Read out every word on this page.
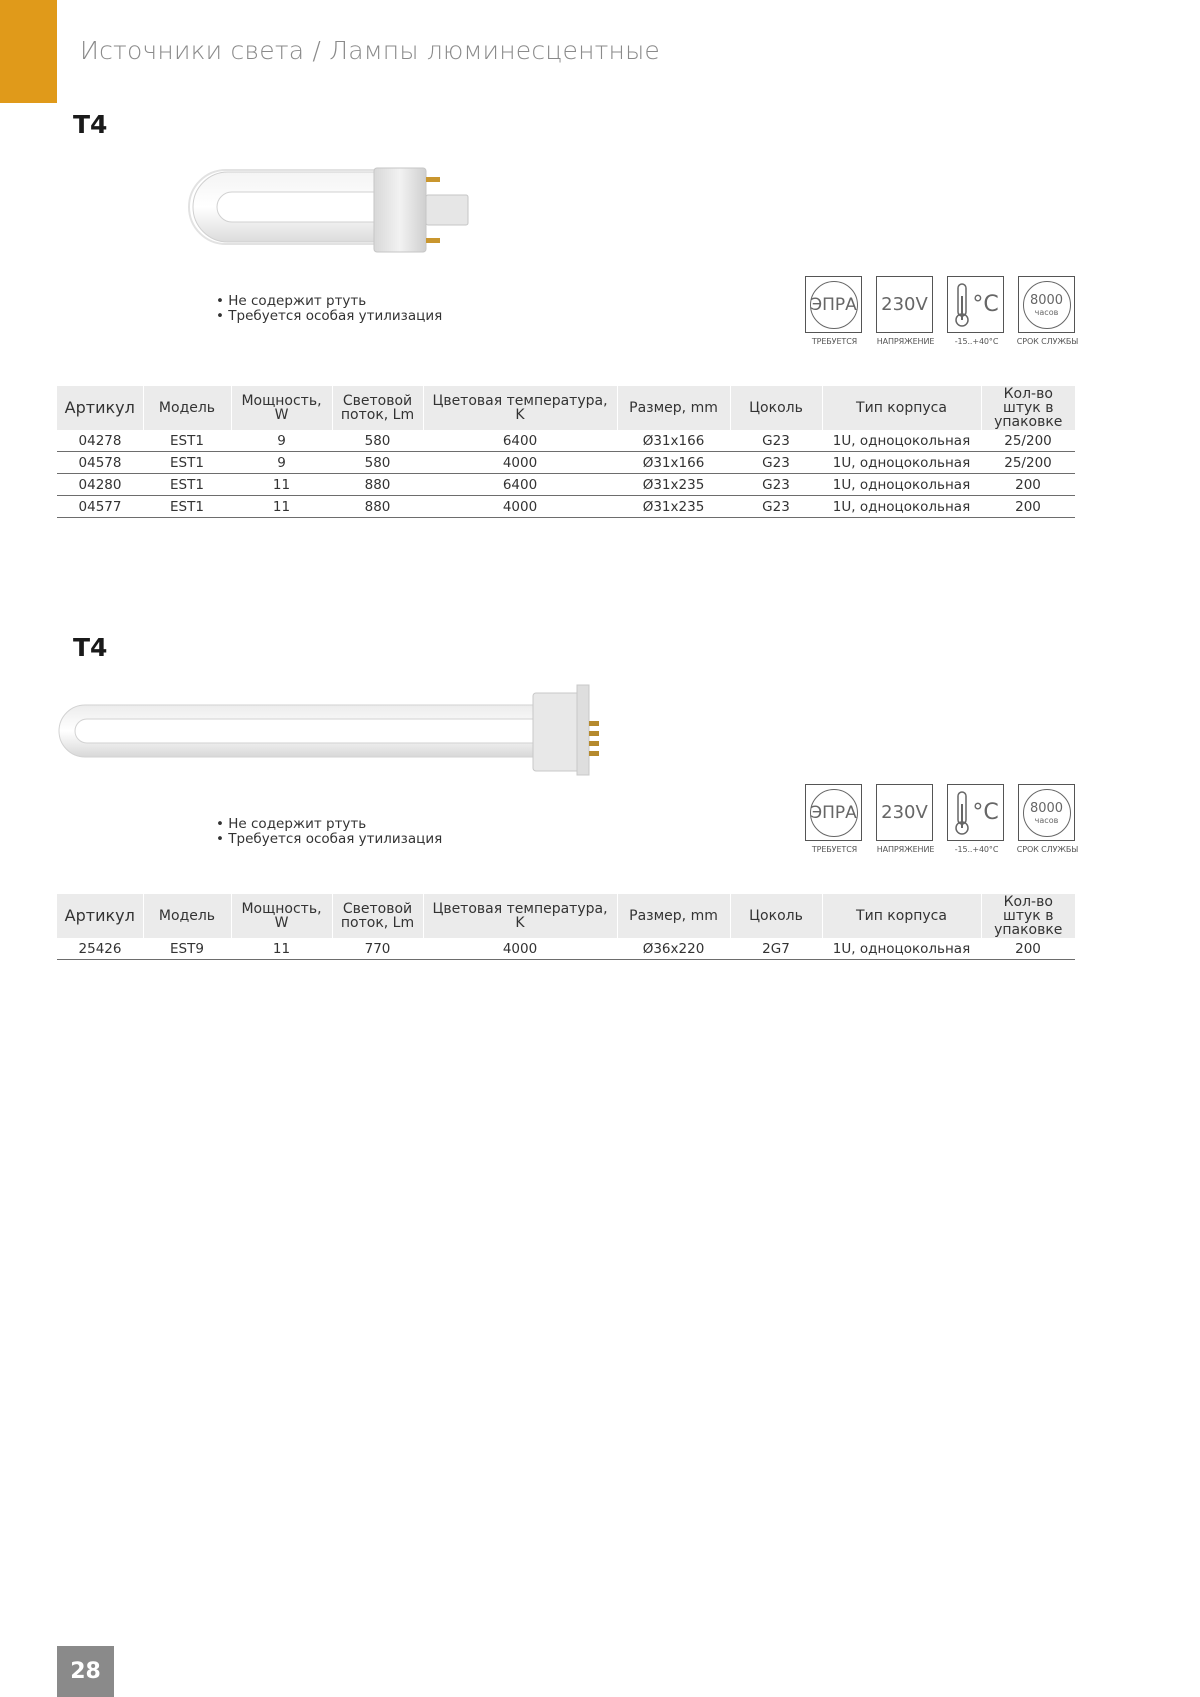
Источники света / Лампы люминесцентные
T4
• Не содержит ртуть
• Требуется особая утилизация
ЭПРА
ТРЕБУЕТСЯ
230V
НАПРЯЖЕНИЕ
°C
-15..+40°C
8000
часов
СРОК СЛУЖБЫ
Артикул	Модель	Мощность, W	Световой поток, Lm	Цветовая температура, K	Размер, mm	Цоколь	Тип корпуса	Кол-во штук в упаковке
04278	EST1	9	580	6400	Ø31x166	G23	1U, одноцокольная	25/200
04578	EST1	9	580	4000	Ø31x166	G23	1U, одноцокольная	25/200
04280	EST1	11	880	6400	Ø31x235	G23	1U, одноцокольная	200
04577	EST1	11	880	4000	Ø31x235	G23	1U, одноцокольная	200
T4
• Не содержит ртуть
• Требуется особая утилизация
ЭПРА
ТРЕБУЕТСЯ
230V
НАПРЯЖЕНИЕ
°C
-15..+40°C
8000
часов
СРОК СЛУЖБЫ
Артикул	Модель	Мощность, W	Световой поток, Lm	Цветовая температура, K	Размер, mm	Цоколь	Тип корпуса	Кол-во штук в упаковке
25426	EST9	11	770	4000	Ø36x220	2G7	1U, одноцокольная	200
28
